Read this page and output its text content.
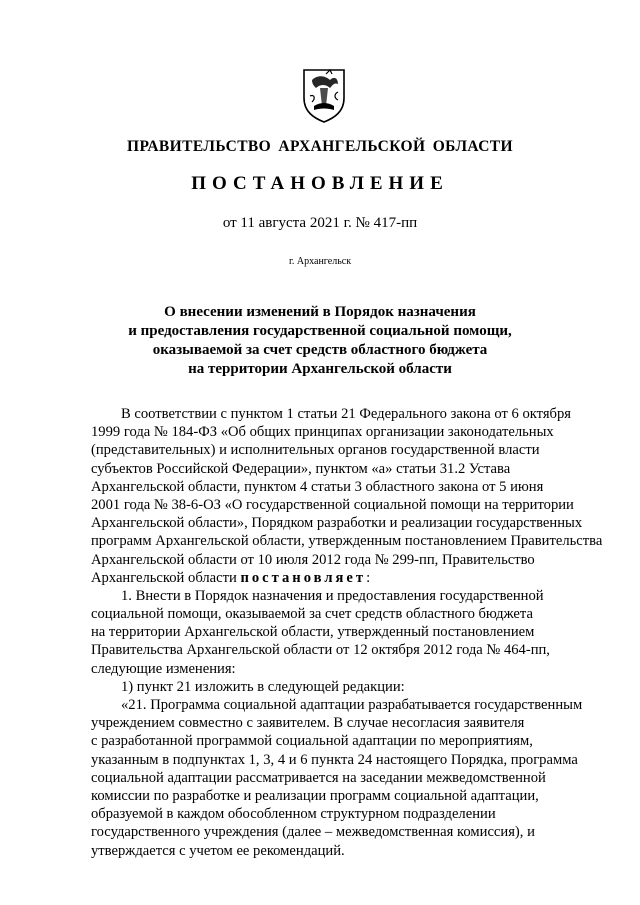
ПРАВИТЕЛЬСТВО АРХАНГЕЛЬСКОЙ ОБЛАСТИ
ПОСТАНОВЛЕНИЕ
от 11 августа 2021 г. № 417-пп
г. Архангельск
О внесении изменений в Порядок назначения
и предоставления государственной социальной помощи,
оказываемой за счет средств областного бюджета
на территории Архангельской области
В соответствии с пунктом 1 статьи 21 Федерального закона от 6 октября
1999 года № 184-ФЗ «Об общих принципах организации законодательных
(представительных) и исполнительных органов государственной власти
субъектов Российской Федерации», пунктом «а» статьи 31.2 Устава
Архангельской области, пунктом 4 статьи 3 областного закона от 5 июня
2001 года № 38-6-ОЗ «О государственной социальной помощи на территории
Архангельской области», Порядком разработки и реализации государственных
программ Архангельской области, утвержденным постановлением Правительства
Архангельской области от 10 июля 2012 года № 299-пп, Правительство
Архангельской области постановляет:
1. Внести в Порядок назначения и предоставления государственной
социальной помощи, оказываемой за счет средств областного бюджета
на территории Архангельской области, утвержденный постановлением
Правительства Архангельской области от 12 октября 2012 года № 464-пп,
следующие изменения:
1) пункт 21 изложить в следующей редакции:
«21. Программа социальной адаптации разрабатывается государственным
учреждением совместно с заявителем. В случае несогласия заявителя
с разработанной программой социальной адаптации по мероприятиям,
указанным в подпунктах 1, 3, 4 и 6 пункта 24 настоящего Порядка, программа
социальной адаптации рассматривается на заседании межведомственной
комиссии по разработке и реализации программ социальной адаптации,
образуемой в каждом обособленном структурном подразделении
государственного учреждения (далее – межведомственная комиссия), и
утверждается с учетом ее рекомендаций.
